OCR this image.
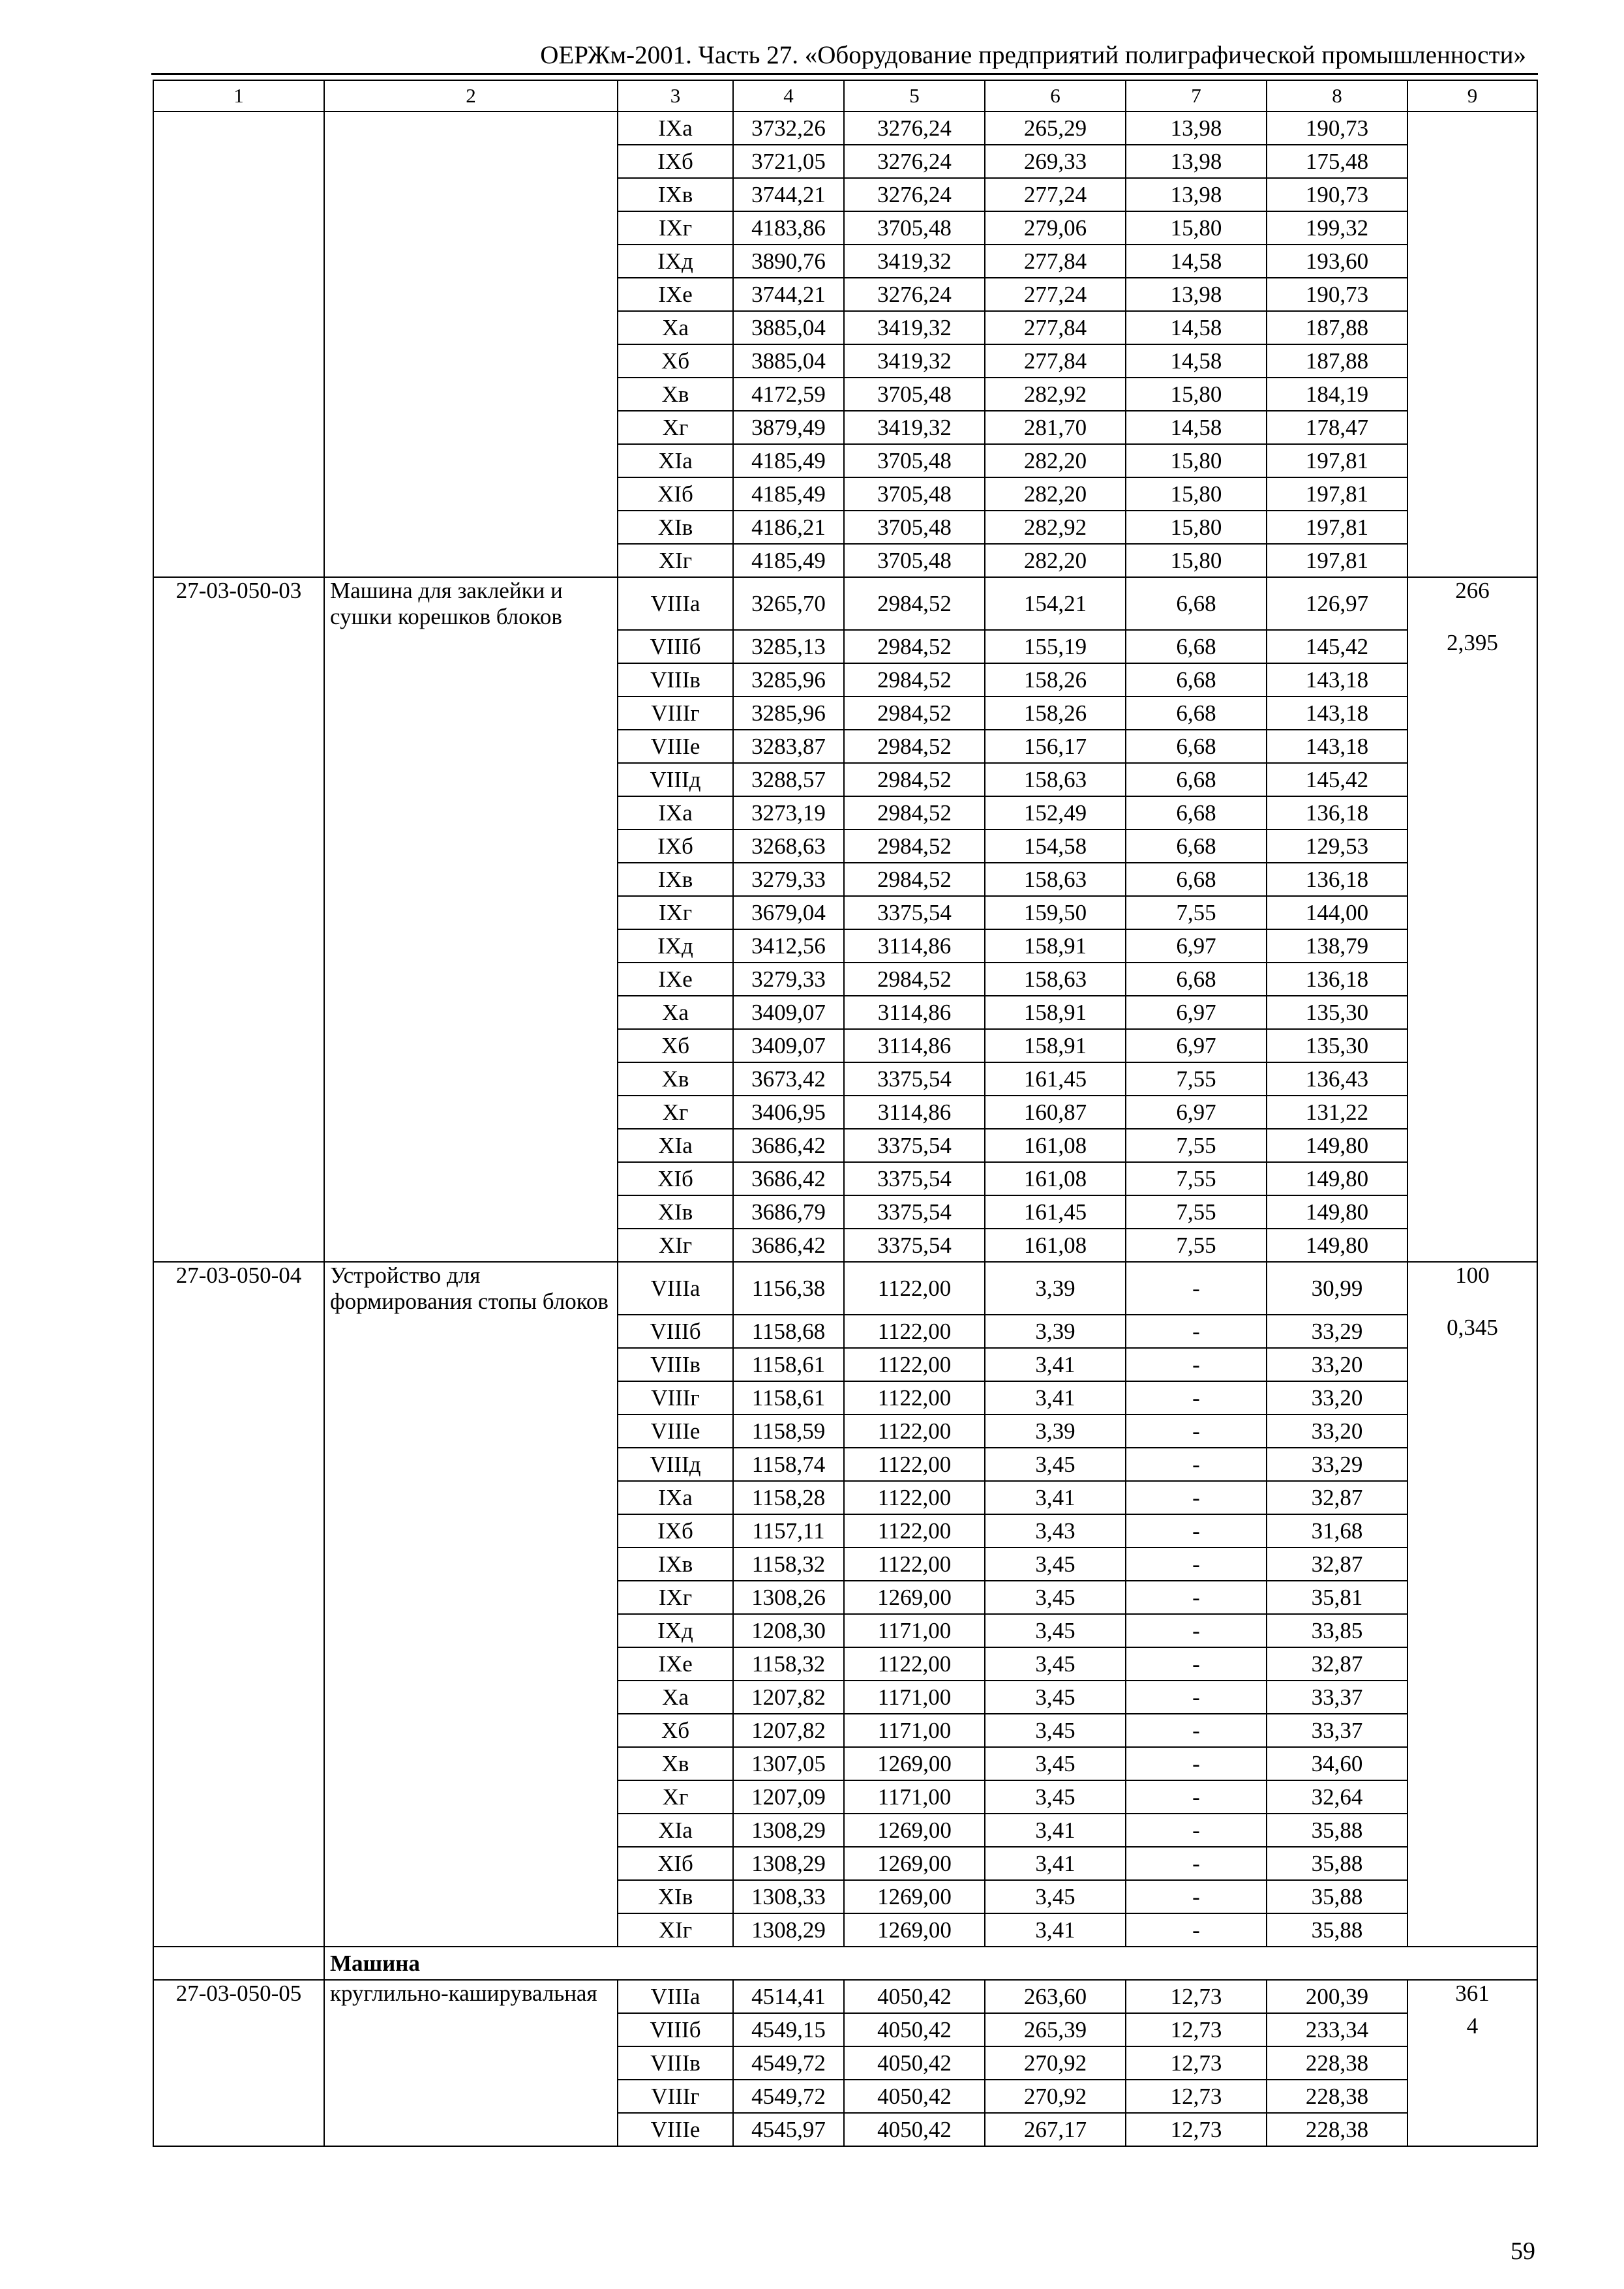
ОЕРЖм-2001. Часть 27. «Оборудование предприятий полиграфической промышленности»
1	2	3	4	5	6	7	8	9
		IXа	3732,26	3276,24	265,29	13,98	190,73	
		IXб	3721,05	3276,24	269,33	13,98	175,48	
		IXв	3744,21	3276,24	277,24	13,98	190,73	
		IXг	4183,86	3705,48	279,06	15,80	199,32	
		IXд	3890,76	3419,32	277,84	14,58	193,60	
		IXе	3744,21	3276,24	277,24	13,98	190,73	
		Xа	3885,04	3419,32	277,84	14,58	187,88	
		Xб	3885,04	3419,32	277,84	14,58	187,88	
		Xв	4172,59	3705,48	282,92	15,80	184,19	
		Xг	3879,49	3419,32	281,70	14,58	178,47	
		XIа	4185,49	3705,48	282,20	15,80	197,81	
		XIб	4185,49	3705,48	282,20	15,80	197,81	
		XIв	4186,21	3705,48	282,92	15,80	197,81	
		XIг	4185,49	3705,48	282,20	15,80	197,81	
27-03-050-03	Машина для заклейки и сушки корешков блоков	VIIIа	3265,70	2984,52	154,21	6,68	126,97	266
		VIIIб	3285,13	2984,52	155,19	6,68	145,42	2,395
		VIIIв	3285,96	2984,52	158,26	6,68	143,18	
		VIIIг	3285,96	2984,52	158,26	6,68	143,18	
		VIIIе	3283,87	2984,52	156,17	6,68	143,18	
		VIIIд	3288,57	2984,52	158,63	6,68	145,42	
		IXа	3273,19	2984,52	152,49	6,68	136,18	
		IXб	3268,63	2984,52	154,58	6,68	129,53	
		IXв	3279,33	2984,52	158,63	6,68	136,18	
		IXг	3679,04	3375,54	159,50	7,55	144,00	
		IXд	3412,56	3114,86	158,91	6,97	138,79	
		IXе	3279,33	2984,52	158,63	6,68	136,18	
		Xа	3409,07	3114,86	158,91	6,97	135,30	
		Xб	3409,07	3114,86	158,91	6,97	135,30	
		Xв	3673,42	3375,54	161,45	7,55	136,43	
		Xг	3406,95	3114,86	160,87	6,97	131,22	
		XIа	3686,42	3375,54	161,08	7,55	149,80	
		XIб	3686,42	3375,54	161,08	7,55	149,80	
		XIв	3686,79	3375,54	161,45	7,55	149,80	
		XIг	3686,42	3375,54	161,08	7,55	149,80	
27-03-050-04	Устройство для формирования стопы блоков	VIIIа	1156,38	1122,00	3,39	-	30,99	100
		VIIIб	1158,68	1122,00	3,39	-	33,29	0,345
		VIIIв	1158,61	1122,00	3,41	-	33,20	
		VIIIг	1158,61	1122,00	3,41	-	33,20	
		VIIIе	1158,59	1122,00	3,39	-	33,20	
		VIIIд	1158,74	1122,00	3,45	-	33,29	
		IXа	1158,28	1122,00	3,41	-	32,87	
		IXб	1157,11	1122,00	3,43	-	31,68	
		IXв	1158,32	1122,00	3,45	-	32,87	
		IXг	1308,26	1269,00	3,45	-	35,81	
		IXд	1208,30	1171,00	3,45	-	33,85	
		IXе	1158,32	1122,00	3,45	-	32,87	
		Xа	1207,82	1171,00	3,45	-	33,37	
		Xб	1207,82	1171,00	3,45	-	33,37	
		Xв	1307,05	1269,00	3,45	-	34,60	
		Xг	1207,09	1171,00	3,45	-	32,64	
		XIа	1308,29	1269,00	3,41	-	35,88	
		XIб	1308,29	1269,00	3,41	-	35,88	
		XIв	1308,33	1269,00	3,45	-	35,88	
		XIг	1308,29	1269,00	3,41	-	35,88	
	Машина							
27-03-050-05	круглильно-каширувальная	VIIIа	4514,41	4050,42	263,60	12,73	200,39	361
		VIIIб	4549,15	4050,42	265,39	12,73	233,34	4
		VIIIв	4549,72	4050,42	270,92	12,73	228,38	
		VIIIг	4549,72	4050,42	270,92	12,73	228,38	
		VIIIе	4545,97	4050,42	267,17	12,73	228,38	
59
